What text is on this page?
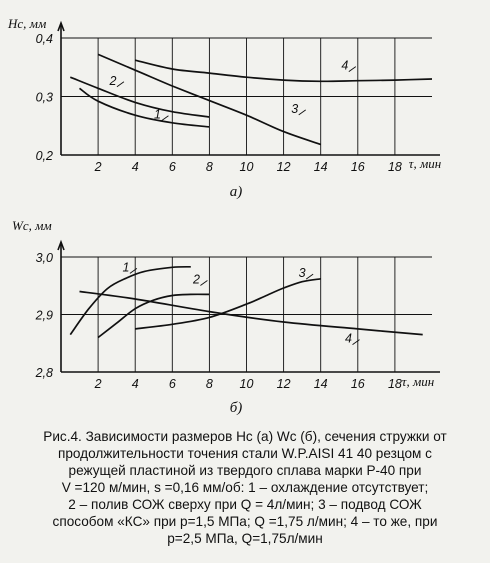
2 4 6 8 10 12 14 16 18
0,2
0,3
0,4
Hс, мм
τ, мин
а)
1
2
3
4
2 4 6 8 10 12 14 16 18
2,8
2,9
3,0
Wс, мм
τ, мин
б)
1
2	3
4
Рис.4. Зависимости размеров Hс (а) Wс (б), сечения стружки от
продолжительности точения стали W.P.AISI 41 40 резцом с
режущей пластиной из твердого сплава марки Р-40 при
V =120 м/мин, s =0,16 мм/об: 1 – охлаждение отсутствует;
2 – полив СОЖ сверху при Q = 4л/мин; 3 – подвод СОЖ
способом «КС» при p=1,5 МПа; Q =1,75 л/мин; 4 – то же, при
p=2,5 МПа, Q=1,75л/мин
